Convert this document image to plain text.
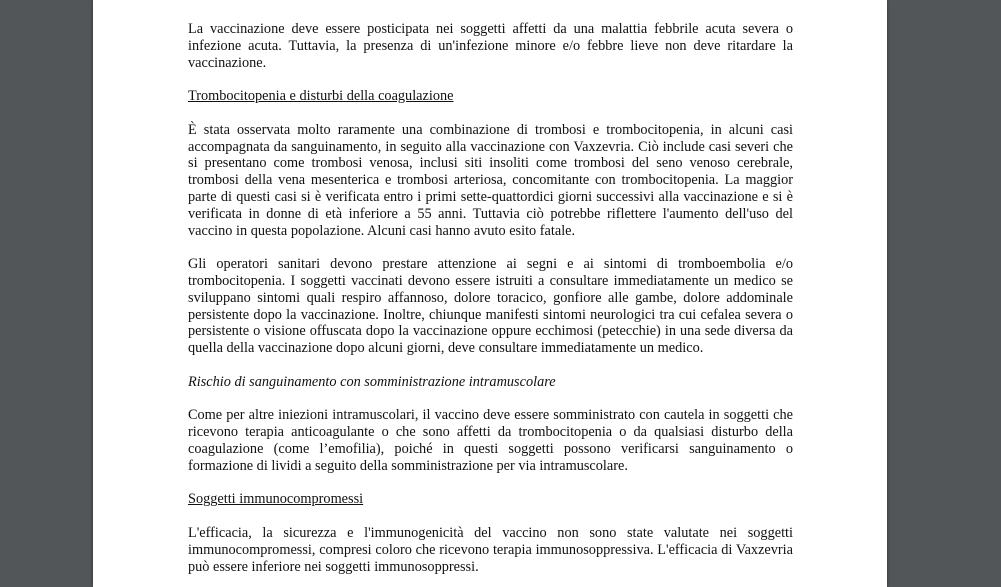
La vaccinazione deve essere posticipata nei soggetti affetti da una malattia febbrile acuta severa o infezione acuta. Tuttavia, la presenza di un'infezione minore e/o febbre lieve non deve ritardare la vaccinazione.

Trombocitopenia e disturbi della coagulazione

È stata osservata molto raramente una combinazione di trombosi e trombocitopenia, in alcuni casi accompagnata da sanguinamento, in seguito alla vaccinazione con Vaxzevria. Ciò include casi severi che si presentano come trombosi venosa, inclusi siti insoliti come trombosi del seno venoso cerebrale, trombosi della vena mesenterica e trombosi arteriosa, concomitante con trombocitopenia. La maggior parte di questi casi si è verificata entro i primi sette-quattordici giorni successivi alla vaccinazione e si è verificata in donne di età inferiore a 55 anni. Tuttavia ciò potrebbe riflettere l'aumento dell'uso del vaccino in questa popolazione. Alcuni casi hanno avuto esito fatale.

Gli operatori sanitari devono prestare attenzione ai segni e ai sintomi di tromboembolia e/o trombocitopenia. I soggetti vaccinati devono essere istruiti a consultare immediatamente un medico se sviluppano sintomi quali respiro affannoso, dolore toracico, gonfiore alle gambe, dolore addominale persistente dopo la vaccinazione. Inoltre, chiunque manifesti sintomi neurologici tra cui cefalea severa o persistente o visione offuscata dopo la vaccinazione oppure ecchimosi (petecchie) in una sede diversa da quella della vaccinazione dopo alcuni giorni, deve consultare immediatamente un medico.

Rischio di sanguinamento con somministrazione intramuscolare

Come per altre iniezioni intramuscolari, il vaccino deve essere somministrato con cautela in soggetti che ricevono terapia anticoagulante o che sono affetti da trombocitopenia o da qualsiasi disturbo della coagulazione (come l’emofilia), poiché in questi soggetti possono verificarsi sanguinamento o formazione di lividi a seguito della somministrazione per via intramuscolare.

Soggetti immunocompromessi

L'efficacia, la sicurezza e l'immunogenicità del vaccino non sono state valutate nei soggetti immunocompromessi, compresi coloro che ricevono terapia immunosoppressiva. L'efficacia di Vaxzevria può essere inferiore nei soggetti immunosoppressi.
